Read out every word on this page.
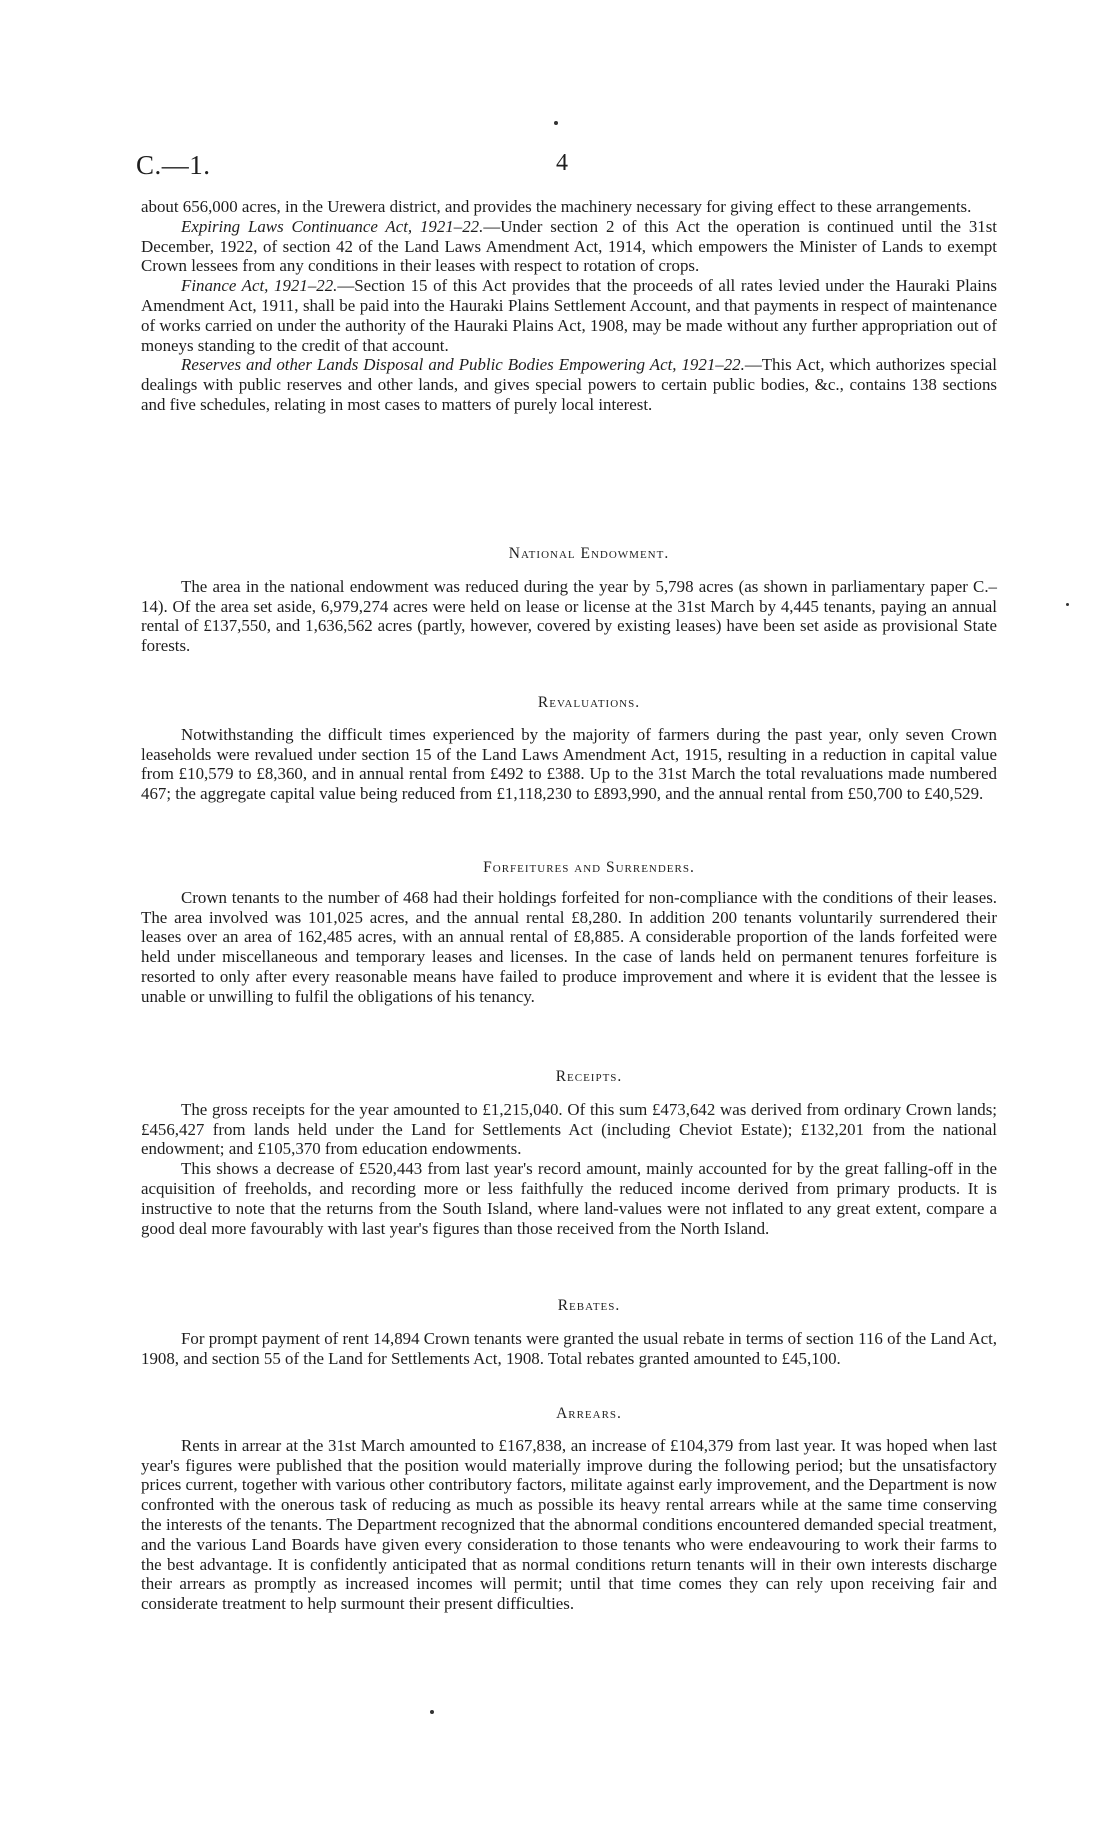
C.—1.	4

about 656,000 acres, in the Urewera district, and provides the machinery necessary for giving effect to these arrangements.

Expiring Laws Continuance Act, 1921–22.—Under section 2 of this Act the operation is continued until the 31st December, 1922, of section 42 of the Land Laws Amendment Act, 1914, which empowers the Minister of Lands to exempt Crown lessees from any conditions in their leases with respect to rotation of crops.

Finance Act, 1921–22.—Section 15 of this Act provides that the proceeds of all rates levied under the Hauraki Plains Amendment Act, 1911, shall be paid into the Hauraki Plains Settlement Account, and that payments in respect of maintenance of works carried on under the authority of the Hauraki Plains Act, 1908, may be made without any further appropriation out of moneys standing to the credit of that account.

Reserves and other Lands Disposal and Public Bodies Empowering Act, 1921–22.—This Act, which authorizes special dealings with public reserves and other lands, and gives special powers to certain public bodies, &c., contains 138 sections and five schedules, relating in most cases to matters of purely local interest.

National Endowment.

The area in the national endowment was reduced during the year by 5,798 acres (as shown in parliamentary paper C.–14). Of the area set aside, 6,979,274 acres were held on lease or license at the 31st March by 4,445 tenants, paying an annual rental of £137,550, and 1,636,562 acres (partly, however, covered by existing leases) have been set aside as provisional State forests.

Revaluations.

Notwithstanding the difficult times experienced by the majority of farmers during the past year, only seven Crown leaseholds were revalued under section 15 of the Land Laws Amendment Act, 1915, resulting in a reduction in capital value from £10,579 to £8,360, and in annual rental from £492 to £388. Up to the 31st March the total revaluations made numbered 467; the aggregate capital value being reduced from £1,118,230 to £893,990, and the annual rental from £50,700 to £40,529.

Forfeitures and Surrenders.

Crown tenants to the number of 468 had their holdings forfeited for non-compliance with the conditions of their leases. The area involved was 101,025 acres, and the annual rental £8,280. In addition 200 tenants voluntarily surrendered their leases over an area of 162,485 acres, with an annual rental of £8,885. A considerable proportion of the lands forfeited were held under miscellaneous and temporary leases and licenses. In the case of lands held on permanent tenures forfeiture is resorted to only after every reasonable means have failed to produce improvement and where it is evident that the lessee is unable or unwilling to fulfil the obligations of his tenancy.

Receipts.

The gross receipts for the year amounted to £1,215,040. Of this sum £473,642 was derived from ordinary Crown lands; £456,427 from lands held under the Land for Settlements Act (including Cheviot Estate); £132,201 from the national endowment; and £105,370 from education endowments.

This shows a decrease of £520,443 from last year's record amount, mainly accounted for by the great falling-off in the acquisition of freeholds, and recording more or less faithfully the reduced income derived from primary products. It is instructive to note that the returns from the South Island, where land-values were not inflated to any great extent, compare a good deal more favourably with last year's figures than those received from the North Island.

Rebates.

For prompt payment of rent 14,894 Crown tenants were granted the usual rebate in terms of section 116 of the Land Act, 1908, and section 55 of the Land for Settlements Act, 1908. Total rebates granted amounted to £45,100.

Arrears.

Rents in arrear at the 31st March amounted to £167,838, an increase of £104,379 from last year. It was hoped when last year's figures were published that the position would materially improve during the following period; but the unsatisfactory prices current, together with various other contributory factors, militate against early improvement, and the Department is now confronted with the onerous task of reducing as much as possible its heavy rental arrears while at the same time conserving the interests of the tenants. The Department recognized that the abnormal conditions encountered demanded special treatment, and the various Land Boards have given every consideration to those tenants who were endeavouring to work their farms to the best advantage. It is confidently anticipated that as normal conditions return tenants will in their own interests discharge their arrears as promptly as increased incomes will permit; until that time comes they can rely upon receiving fair and considerate treatment to help surmount their present difficulties.
